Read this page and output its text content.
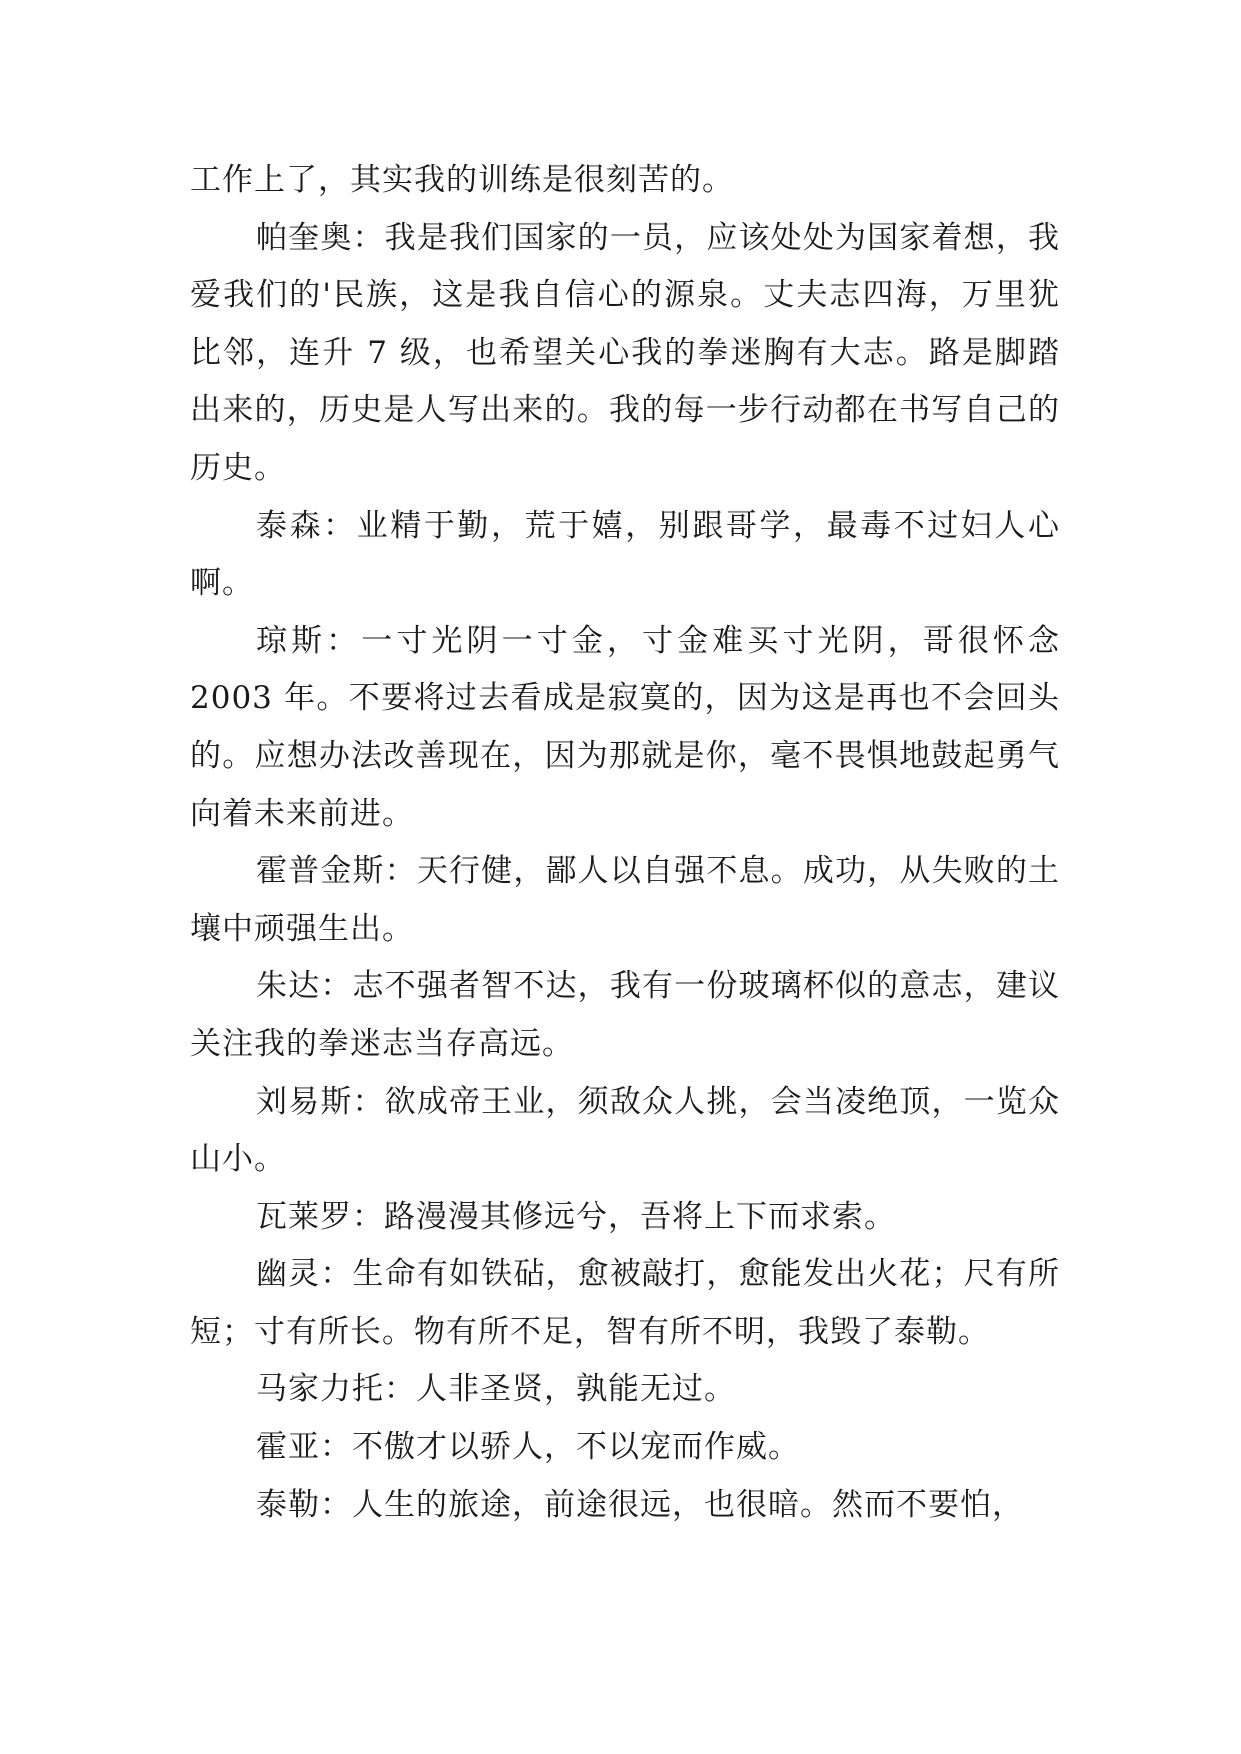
工作上了，其实我的训练是很刻苦的。

帕奎奥：我是我们国家的一员，应该处处为国家着想，我爱我们的'民族，这是我自信心的源泉。丈夫志四海，万里犹比邻，连升 7 级，也希望关心我的拳迷胸有大志。路是脚踏出来的，历史是人写出来的。我的每一步行动都在书写自己的历史。

泰森：业精于勤，荒于嬉，别跟哥学，最毒不过妇人心啊。

琼斯：一寸光阴一寸金，寸金难买寸光阴，哥很怀念 2003 年。不要将过去看成是寂寞的，因为这是再也不会回头的。应想办法改善现在，因为那就是你，毫不畏惧地鼓起勇气向着未来前进。

霍普金斯：天行健，鄙人以自强不息。成功，从失败的土壤中顽强生出。

朱达：志不强者智不达，我有一份玻璃杯似的意志，建议关注我的拳迷志当存高远。

刘易斯：欲成帝王业，须敌众人挑，会当凌绝顶，一览众山小。

瓦莱罗：路漫漫其修远兮，吾将上下而求索。

幽灵：生命有如铁砧，愈被敲打，愈能发出火花；尺有所短；寸有所长。物有所不足，智有所不明，我毁了泰勒。

马家力托：人非圣贤，孰能无过。

霍亚：不傲才以骄人，不以宠而作威。

泰勒：人生的旅途，前途很远，也很暗。然而不要怕，
